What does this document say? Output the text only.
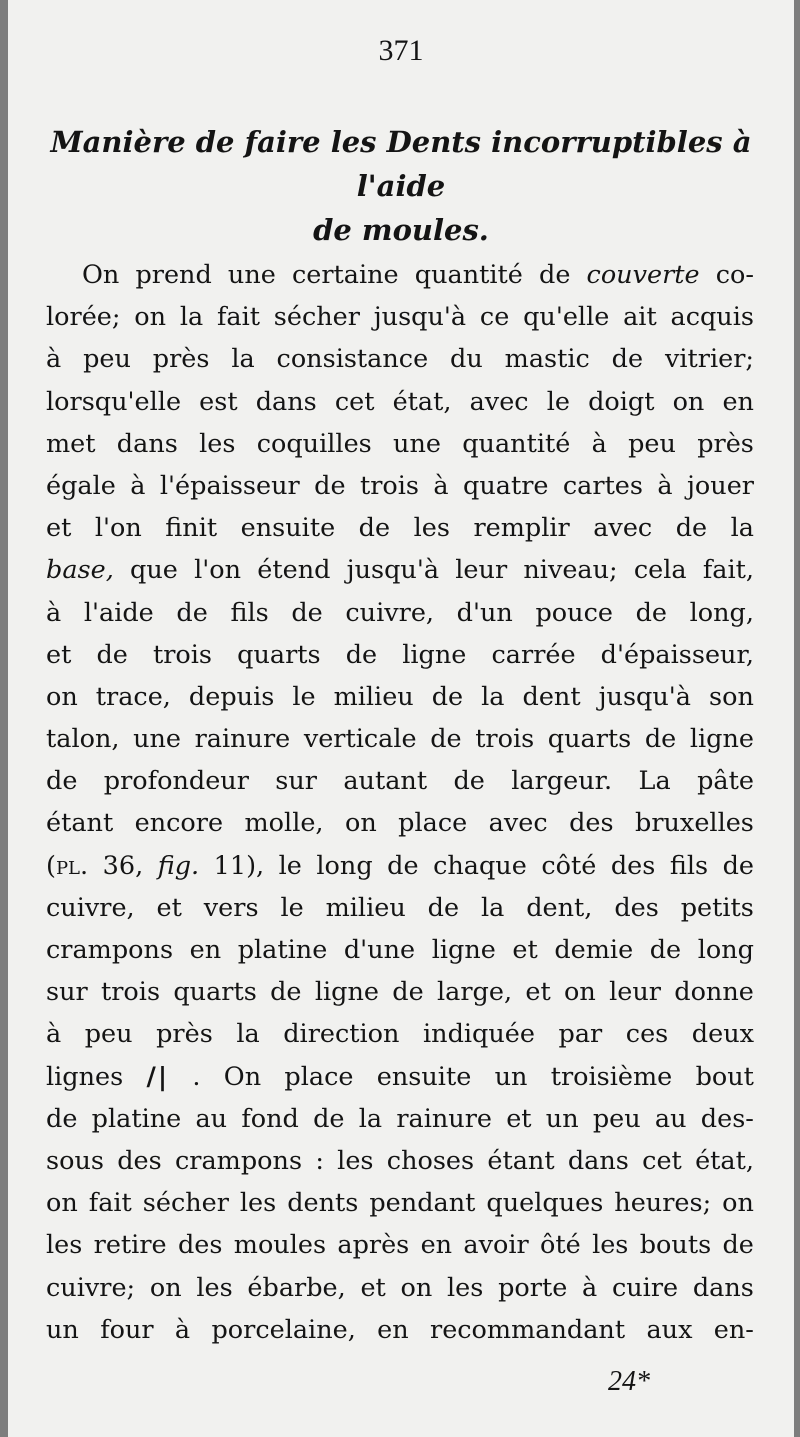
371
Manière de faire les Dents incorruptibles à l'aide
de moules.
On prend une certaine quantité de couverte co-
lorée; on la fait sécher jusqu'à ce qu'elle ait acquis
à peu près la consistance du mastic de vitrier;
lorsqu'elle est dans cet état, avec le doigt on en
met dans les coquilles une quantité à peu près
égale à l'épaisseur de trois à quatre cartes à jouer
et l'on finit ensuite de les remplir avec de la
base, que l'on étend jusqu'à leur niveau; cela fait,
à l'aide de fils de cuivre, d'un pouce de long,
et de trois quarts de ligne carrée d'épaisseur,
on trace, depuis le milieu de la dent jusqu'à son
talon, une rainure verticale de trois quarts de ligne
de profondeur sur autant de largeur. La pâte
étant encore molle, on place avec des bruxelles
(pl. 36, fig. 11), le long de chaque côté des fils de
cuivre, et vers le milieu de la dent, des petits
crampons en platine d'une ligne et demie de long
sur trois quarts de ligne de large, et on leur donne
à peu près la direction indiquée par ces deux
lignes /| . On place ensuite un troisième bout
de platine au fond de la rainure et un peu au des-
sous des crampons : les choses étant dans cet état,
on fait sécher les dents pendant quelques heures; on
les retire des moules après en avoir ôté les bouts de
cuivre; on les ébarbe, et on les porte à cuire dans
un four à porcelaine, en recommandant aux en-
24*
